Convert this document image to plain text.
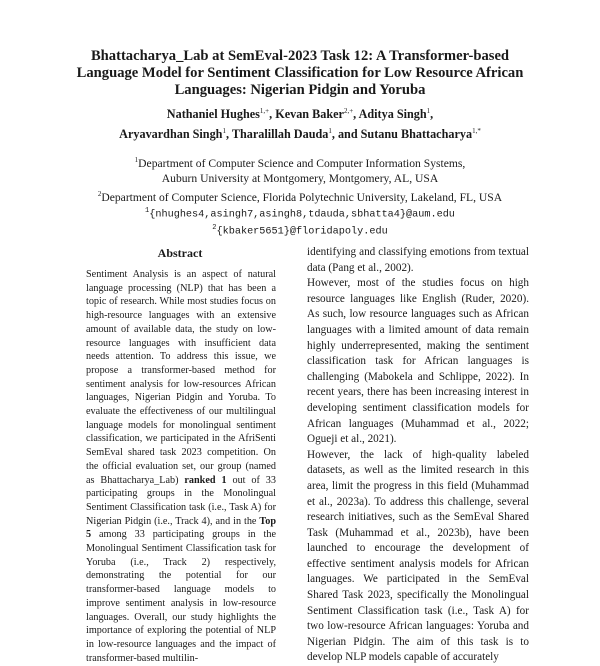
Bhattacharya_Lab at SemEval-2023 Task 12: A Transformer-based Language Model for Sentiment Classification for Low Resource African Languages: Nigerian Pidgin and Yoruba
Nathaniel Hughes$^{1,+}$, Kevan Baker$^{2,+}$, Aditya Singh$^1$,
Aryavardhan Singh$^1$, Tharalillah Dauda$^1$, and Sutanu Bhattacharya$^{1,*}$
$^1$Department of Computer Science and Computer Information Systems,
Auburn University at Montgomery, Montgomery, AL, USA
$^2$Department of Computer Science, Florida Polytechnic University, Lakeland, FL, USA
$^1${nhughes4,asingh7,asingh8,tdauda,sbhatta4}@aum.edu
$^2${kbaker5651}@floridapoly.edu
Abstract
Sentiment Analysis is an aspect of natural language processing (NLP) that has been a topic of research. While most studies focus on high-resource languages with an extensive amount of available data, the study on low-resource languages with insufficient data needs attention. To address this issue, we propose a transformer-based method for sentiment analysis for low-resources African languages, Nigerian Pidgin and Yoruba. To evaluate the effectiveness of our multilingual language models for monolingual sentiment classification, we participated in the AfriSenti SemEval shared task 2023 competition. On the official evaluation set, our group (named as Bhattacharya_Lab) ranked 1 out of 33 participating groups in the Monolingual Sentiment Classification task (i.e., Task A) for Nigerian Pidgin (i.e., Track 4), and in the Top 5 among 33 participating groups in the Monolingual Sentiment Classification task for Yoruba (i.e., Track 2) respectively, demonstrating the potential for our transformer-based language models to improve sentiment analysis in low-resource languages. Overall, our study highlights the importance of exploring the potential of NLP in low-resource languages and the impact of transformer-based multilin-

identifying and classifying emotions from textual data (Pang et al., 2002).

However, most of the studies focus on high resource languages like English (Ruder, 2020). As such, low resource languages such as African languages with a limited amount of data remain highly underrepresented, making the sentiment classification task for African languages is challenging (Mabokela and Schlippe, 2022). In recent years, there has been increasing interest in developing sentiment classification models for African languages (Muhammad et al., 2022; Ogueji et al., 2021).

However, the lack of high-quality labeled datasets, as well as the limited research in this area, limit the progress in this field (Muhammad et al., 2023a). To address this challenge, several research initiatives, such as the SemEval Shared Task (Muhammad et al., 2023b), have been launched to encourage the development of effective sentiment analysis models for African languages. We participated in the SemEval Shared Task 2023, specifically the Monolingual Sentiment Classification task (i.e., Task A) for two low-resource African languages: Yoruba and Nigerian Pidgin. The aim of this task is to develop NLP models capable of accurately
